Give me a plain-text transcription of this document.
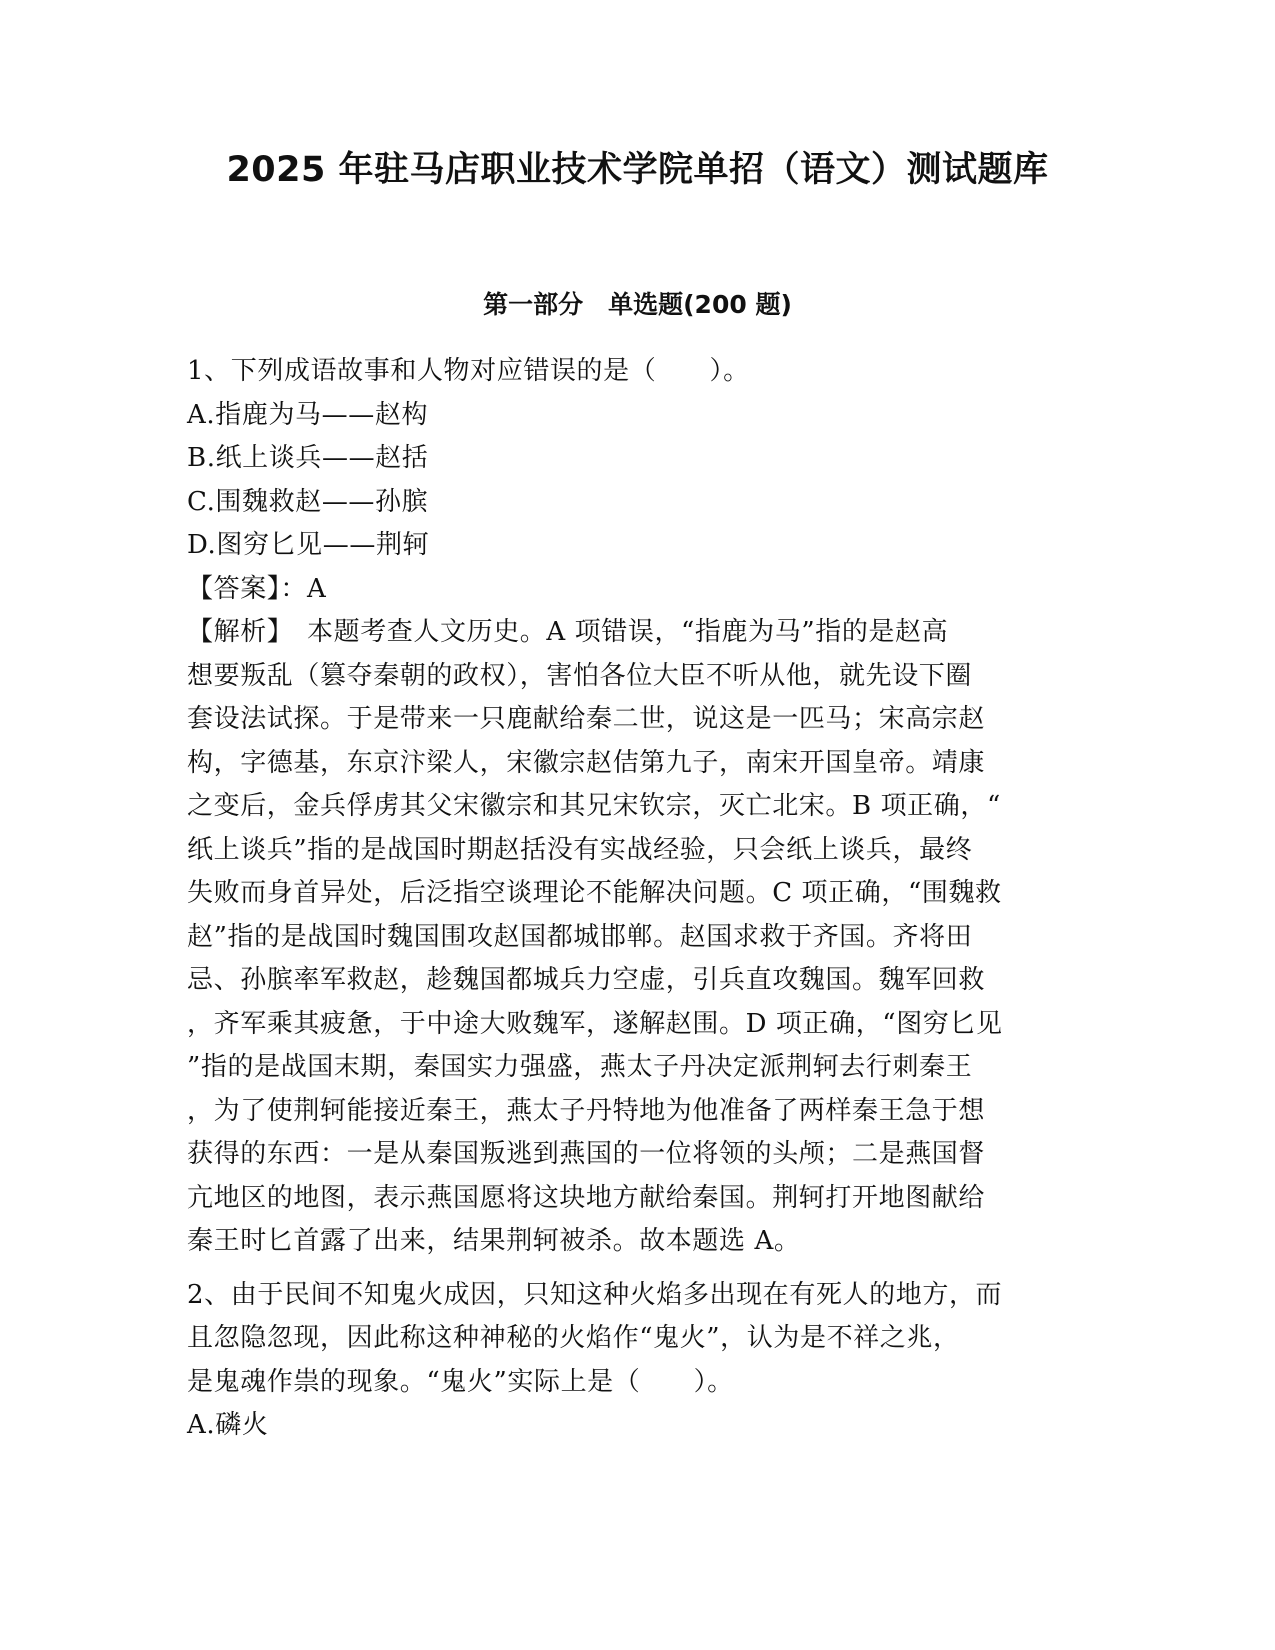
2025 年驻马店职业技术学院单招（语文）测试题库
第一部分　单选题(200 题)
1、下列成语故事和人物对应错误的是（　　）。
A.指鹿为马——赵构
B.纸上谈兵——赵括
C.围魏救赵——孙膑
D.图穷匕见——荆轲
【答案】：A
【解析】　本题考查人文历史。A 项错误，“指鹿为马”指的是赵高
想要叛乱（篡夺秦朝的政权），害怕各位大臣不听从他，就先设下圈
套设法试探。于是带来一只鹿献给秦二世，说这是一匹马；宋高宗赵
构，字德基，东京汴梁人，宋徽宗赵佶第九子，南宋开国皇帝。靖康
之变后，金兵俘虏其父宋徽宗和其兄宋钦宗，灭亡北宋。B 项正确，“
纸上谈兵”指的是战国时期赵括没有实战经验，只会纸上谈兵，最终
失败而身首异处，后泛指空谈理论不能解决问题。C 项正确，“围魏救
赵”指的是战国时魏国围攻赵国都城邯郸。赵国求救于齐国。齐将田
忌、孙膑率军救赵，趁魏国都城兵力空虚，引兵直攻魏国。魏军回救
，齐军乘其疲惫，于中途大败魏军，遂解赵围。D 项正确，“图穷匕见
”指的是战国末期，秦国实力强盛，燕太子丹决定派荆轲去行刺秦王
，为了使荆轲能接近秦王，燕太子丹特地为他准备了两样秦王急于想
获得的东西：一是从秦国叛逃到燕国的一位将领的头颅；二是燕国督
亢地区的地图，表示燕国愿将这块地方献给秦国。荆轲打开地图献给
秦王时匕首露了出来，结果荆轲被杀。故本题选 A。
2、由于民间不知鬼火成因，只知这种火焰多出现在有死人的地方，而
且忽隐忽现，因此称这种神秘的火焰作“鬼火”，认为是不祥之兆，
是鬼魂作祟的现象。“鬼火”实际上是（　　）。
A.磷火
